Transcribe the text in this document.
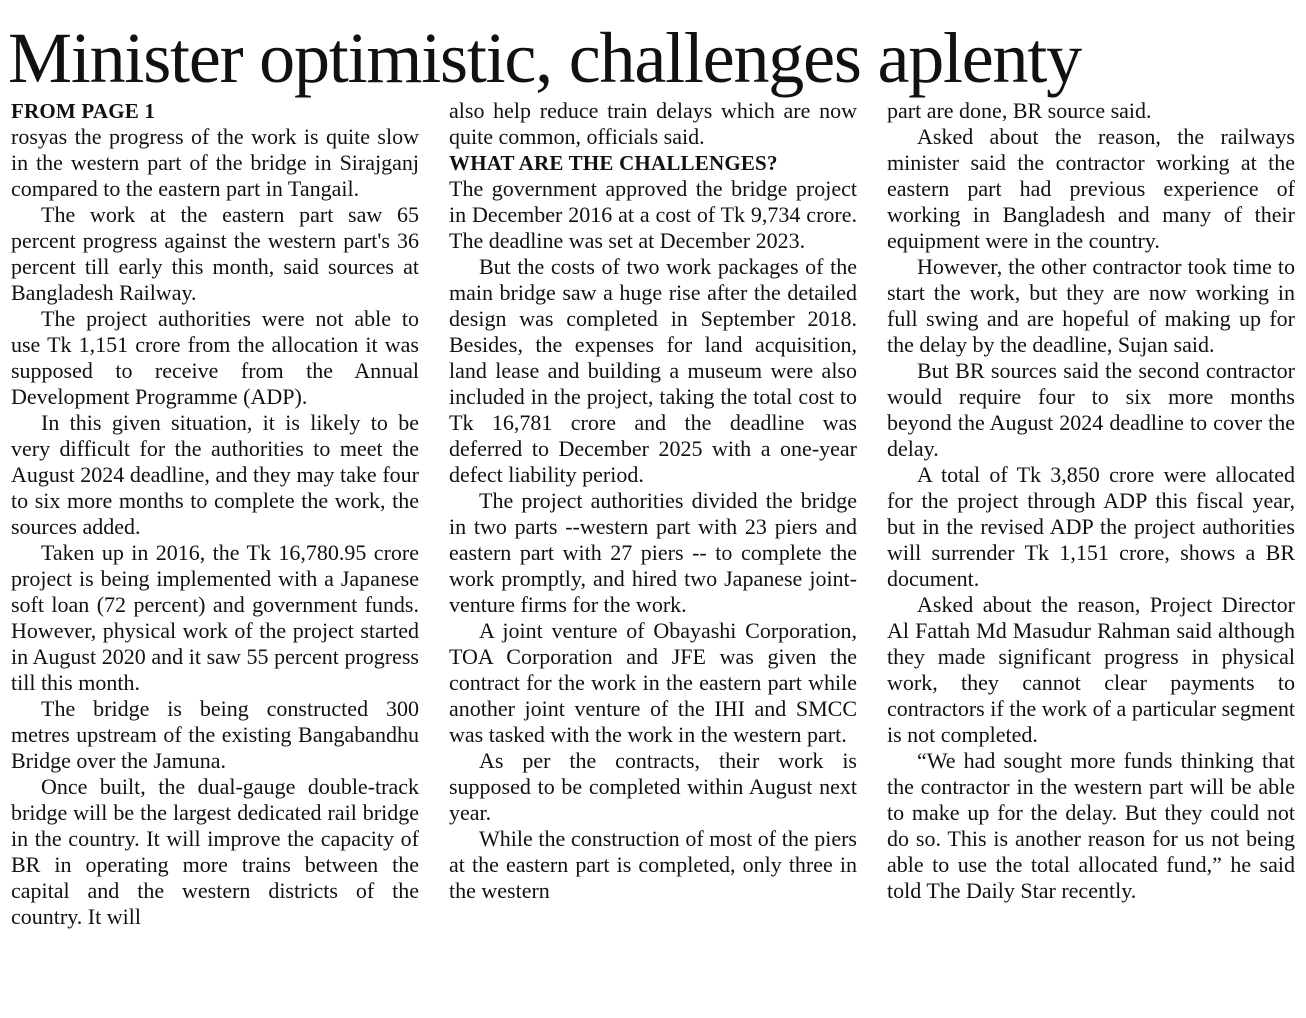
Minister optimistic, challenges aplenty
FROM PAGE 1

rosyas the progress of the work is quite slow in the western part of the bridge in Sirajganj compared to the eastern part in Tangail.

The work at the eastern part saw 65 percent progress against the western part's 36 percent till early this month, said sources at Bangladesh Railway.

The project authorities were not able to use Tk 1,151 crore from the allocation it was supposed to receive from the Annual Development Programme (ADP).

In this given situation, it is likely to be very difficult for the authorities to meet the August 2024 deadline, and they may take four to six more months to complete the work, the sources added.

Taken up in 2016, the Tk 16,780.95 crore project is being implemented with a Japanese soft loan (72 percent) and government funds. However, physical work of the project started in August 2020 and it saw 55 percent progress till this month.

The bridge is being constructed 300 metres upstream of the existing Bangabandhu Bridge over the Jamuna.

Once built, the dual-gauge double-track bridge will be the largest dedicated rail bridge in the country. It will improve the capacity of BR in operating more trains between the capital and the western districts of the country. It will

also help reduce train delays which are now quite common, officials said.

WHAT ARE THE CHALLENGES?

The government approved the bridge project in December 2016 at a cost of Tk 9,734 crore. The deadline was set at December 2023.

But the costs of two work packages of the main bridge saw a huge rise after the detailed design was completed in September 2018. Besides, the expenses for land acquisition, land lease and building a museum were also included in the project, taking the total cost to Tk 16,781 crore and the deadline was deferred to December 2025 with a one-year defect liability period.

The project authorities divided the bridge in two parts --western part with 23 piers and eastern part with 27 piers -- to complete the work promptly, and hired two Japanese joint-venture firms for the work.

A joint venture of Obayashi Corporation, TOA Corporation and JFE was given the contract for the work in the eastern part while another joint venture of the IHI and SMCC was tasked with the work in the western part.

As per the contracts, their work is supposed to be completed within August next year.

While the construction of most of the piers at the eastern part is completed, only three in the western

part are done, BR source said.

Asked about the reason, the railways minister said the contractor working at the eastern part had previous experience of working in Bangladesh and many of their equipment were in the country.

However, the other contractor took time to start the work, but they are now working in full swing and are hopeful of making up for the delay by the deadline, Sujan said.

But BR sources said the second contractor would require four to six more months beyond the August 2024 deadline to cover the delay.

A total of Tk 3,850 crore were allocated for the project through ADP this fiscal year, but in the revised ADP the project authorities will surrender Tk 1,151 crore, shows a BR document.

Asked about the reason, Project Director Al Fattah Md Masudur Rahman said although they made significant progress in physical work, they cannot clear payments to contractors if the work of a particular segment is not completed.

“We had sought more funds thinking that the contractor in the western part will be able to make up for the delay. But they could not do so. This is another reason for us not being able to use the total allocated fund,” he said told The Daily Star recently.
